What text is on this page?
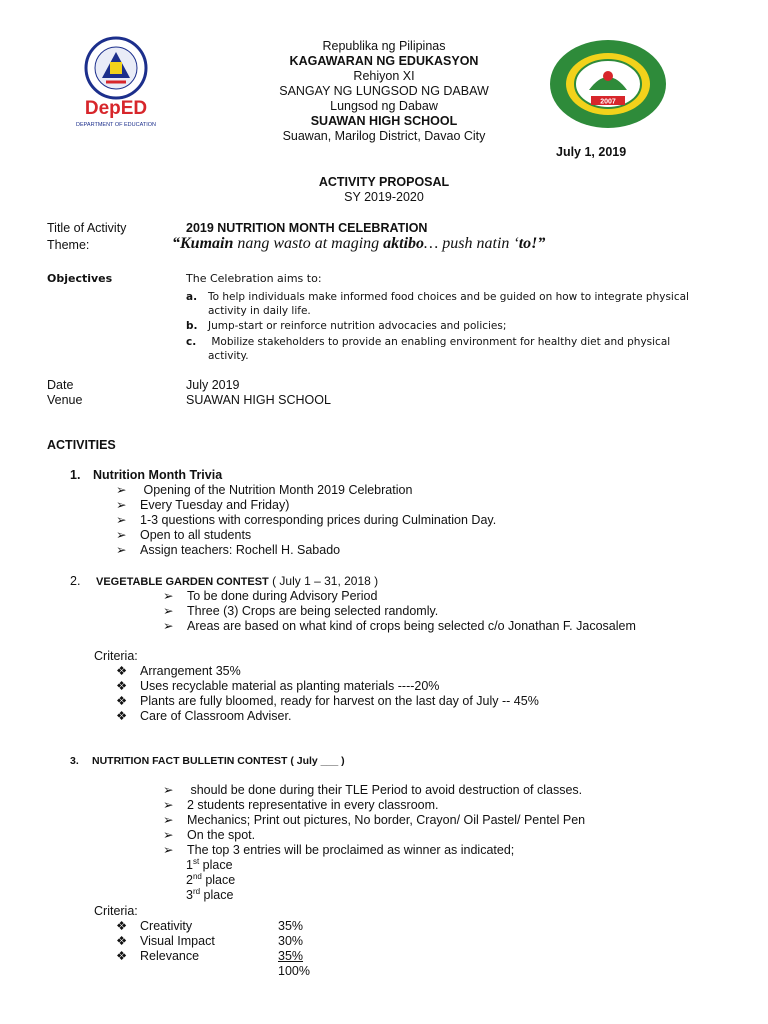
DepED
DEPARTMENT OF EDUCATION
2007
Republika ng Pilipinas
KAGAWARAN NG EDUKASYON
Rehiyon XI
SANGAY NG LUNGSOD NG DABAW
Lungsod ng Dabaw
SUAWAN HIGH SCHOOL
Suawan, Marilog District, Davao City
July 1, 2019
ACTIVITY PROPOSAL
SY 2019-2020
Title of Activity	2019 NUTRITION MONTH CELEBRATION
Theme:	“Kumain nang wasto at maging aktibo… push natin ‘to!”
Objectives	The Celebration aims to:
a. To help individuals make informed food choices and be guided on how to integrate physical
activity in daily life.
b. Jump-start or reinforce nutrition advocacies and policies;
c. Mobilize stakeholders to provide an enabling environment for healthy diet and physical
activity.
Date	July 2019
Venue	SUAWAN HIGH SCHOOL
ACTIVITIES
1. Nutrition Month Trivia
➢ Opening of the Nutrition Month 2019 Celebration
➢ Every Tuesday and Friday)
➢ 1-3 questions with corresponding prices during Culmination Day.
➢ Open to all students
➢ Assign teachers: Rochell H. Sabado
2. VEGETABLE GARDEN CONTEST ( July 1 – 31, 2018 )
➢ To be done during Advisory Period
➢ Three (3) Crops are being selected randomly.
➢ Areas are based on what kind of crops being selected c/o Jonathan F. Jacosalem
Criteria:
❖ Arrangement 35%
❖ Uses recyclable material as planting materials ----20%
❖ Plants are fully bloomed, ready for harvest on the last day of July -- 45%
❖ Care of Classroom Adviser.
3. NUTRITION FACT BULLETIN CONTEST ( July ___ )
➢ should be done during their TLE Period to avoid destruction of classes.
➢ 2 students representative in every classroom.
➢ Mechanics; Print out pictures, No border, Crayon/ Oil Pastel/ Pentel Pen
➢ On the spot.
➢ The top 3 entries will be proclaimed as winner as indicated;
1st place
2nd place
3rd place
Criteria:
❖ Creativity	35%
❖ Visual Impact	30%
❖ Relevance	35%
100%
